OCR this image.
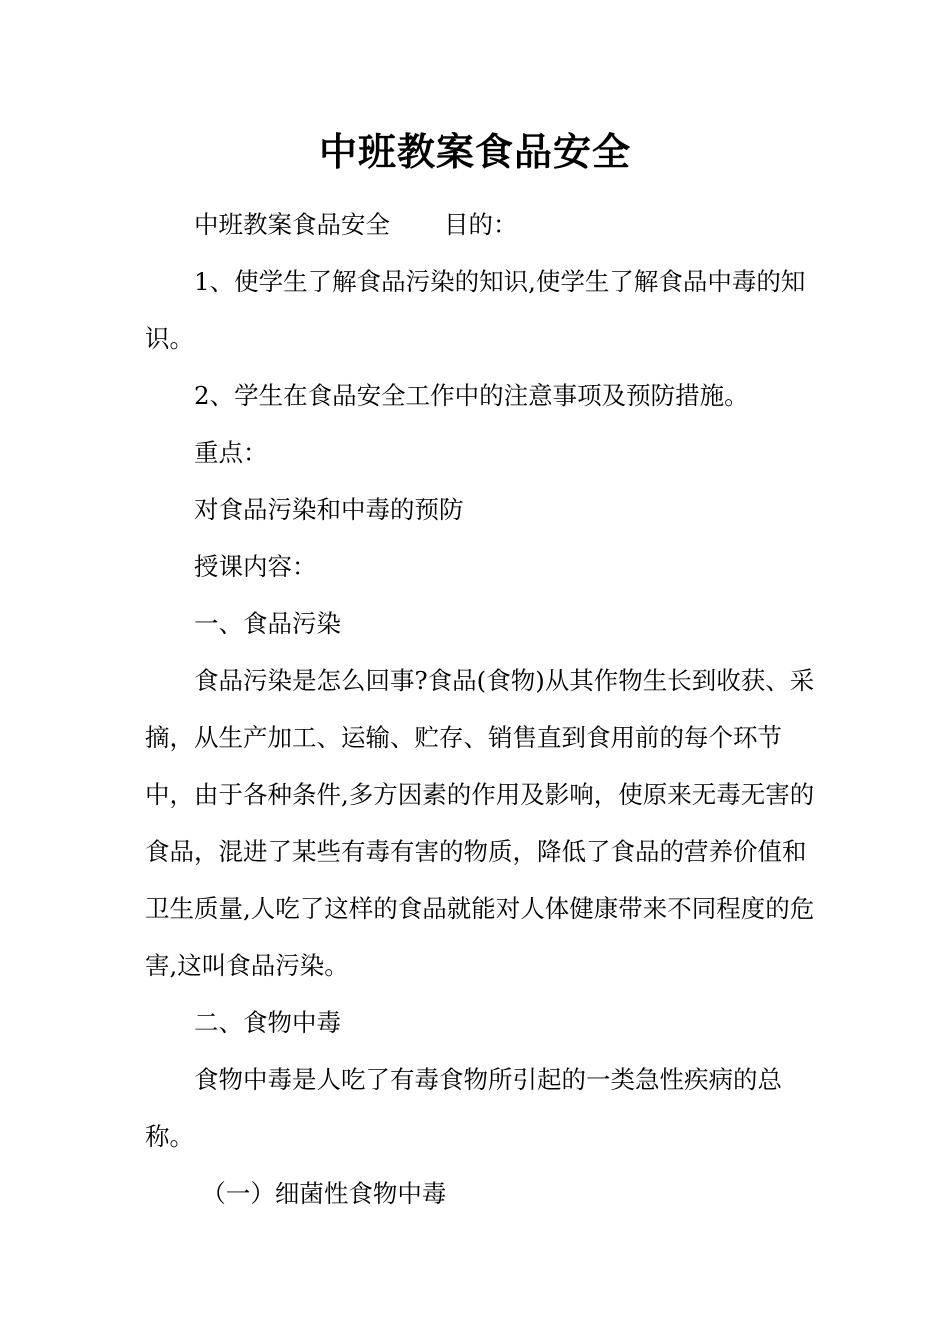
中班教案食品安全

中班教案食品安全 目的：

1、使学生了解食品污染的知识,使学生了解食品中毒的知识。

2、学生在食品安全工作中的注意事项及预防措施。

重点：

对食品污染和中毒的预防

授课内容：

一、食品污染

食品污染是怎么回事?食品(食物)从其作物生长到收获、采摘，从生产加工、运输、贮存、销售直到食用前的每个环节中，由于各种条件,多方因素的作用及影响，使原来无毒无害的食品，混进了某些有毒有害的物质，降低了食品的营养价值和卫生质量,人吃了这样的食品就能对人体健康带来不同程度的危害,这叫食品污染。

二、食物中毒

食物中毒是人吃了有毒食物所引起的一类急性疾病的总称。

（一）细菌性食物中毒
